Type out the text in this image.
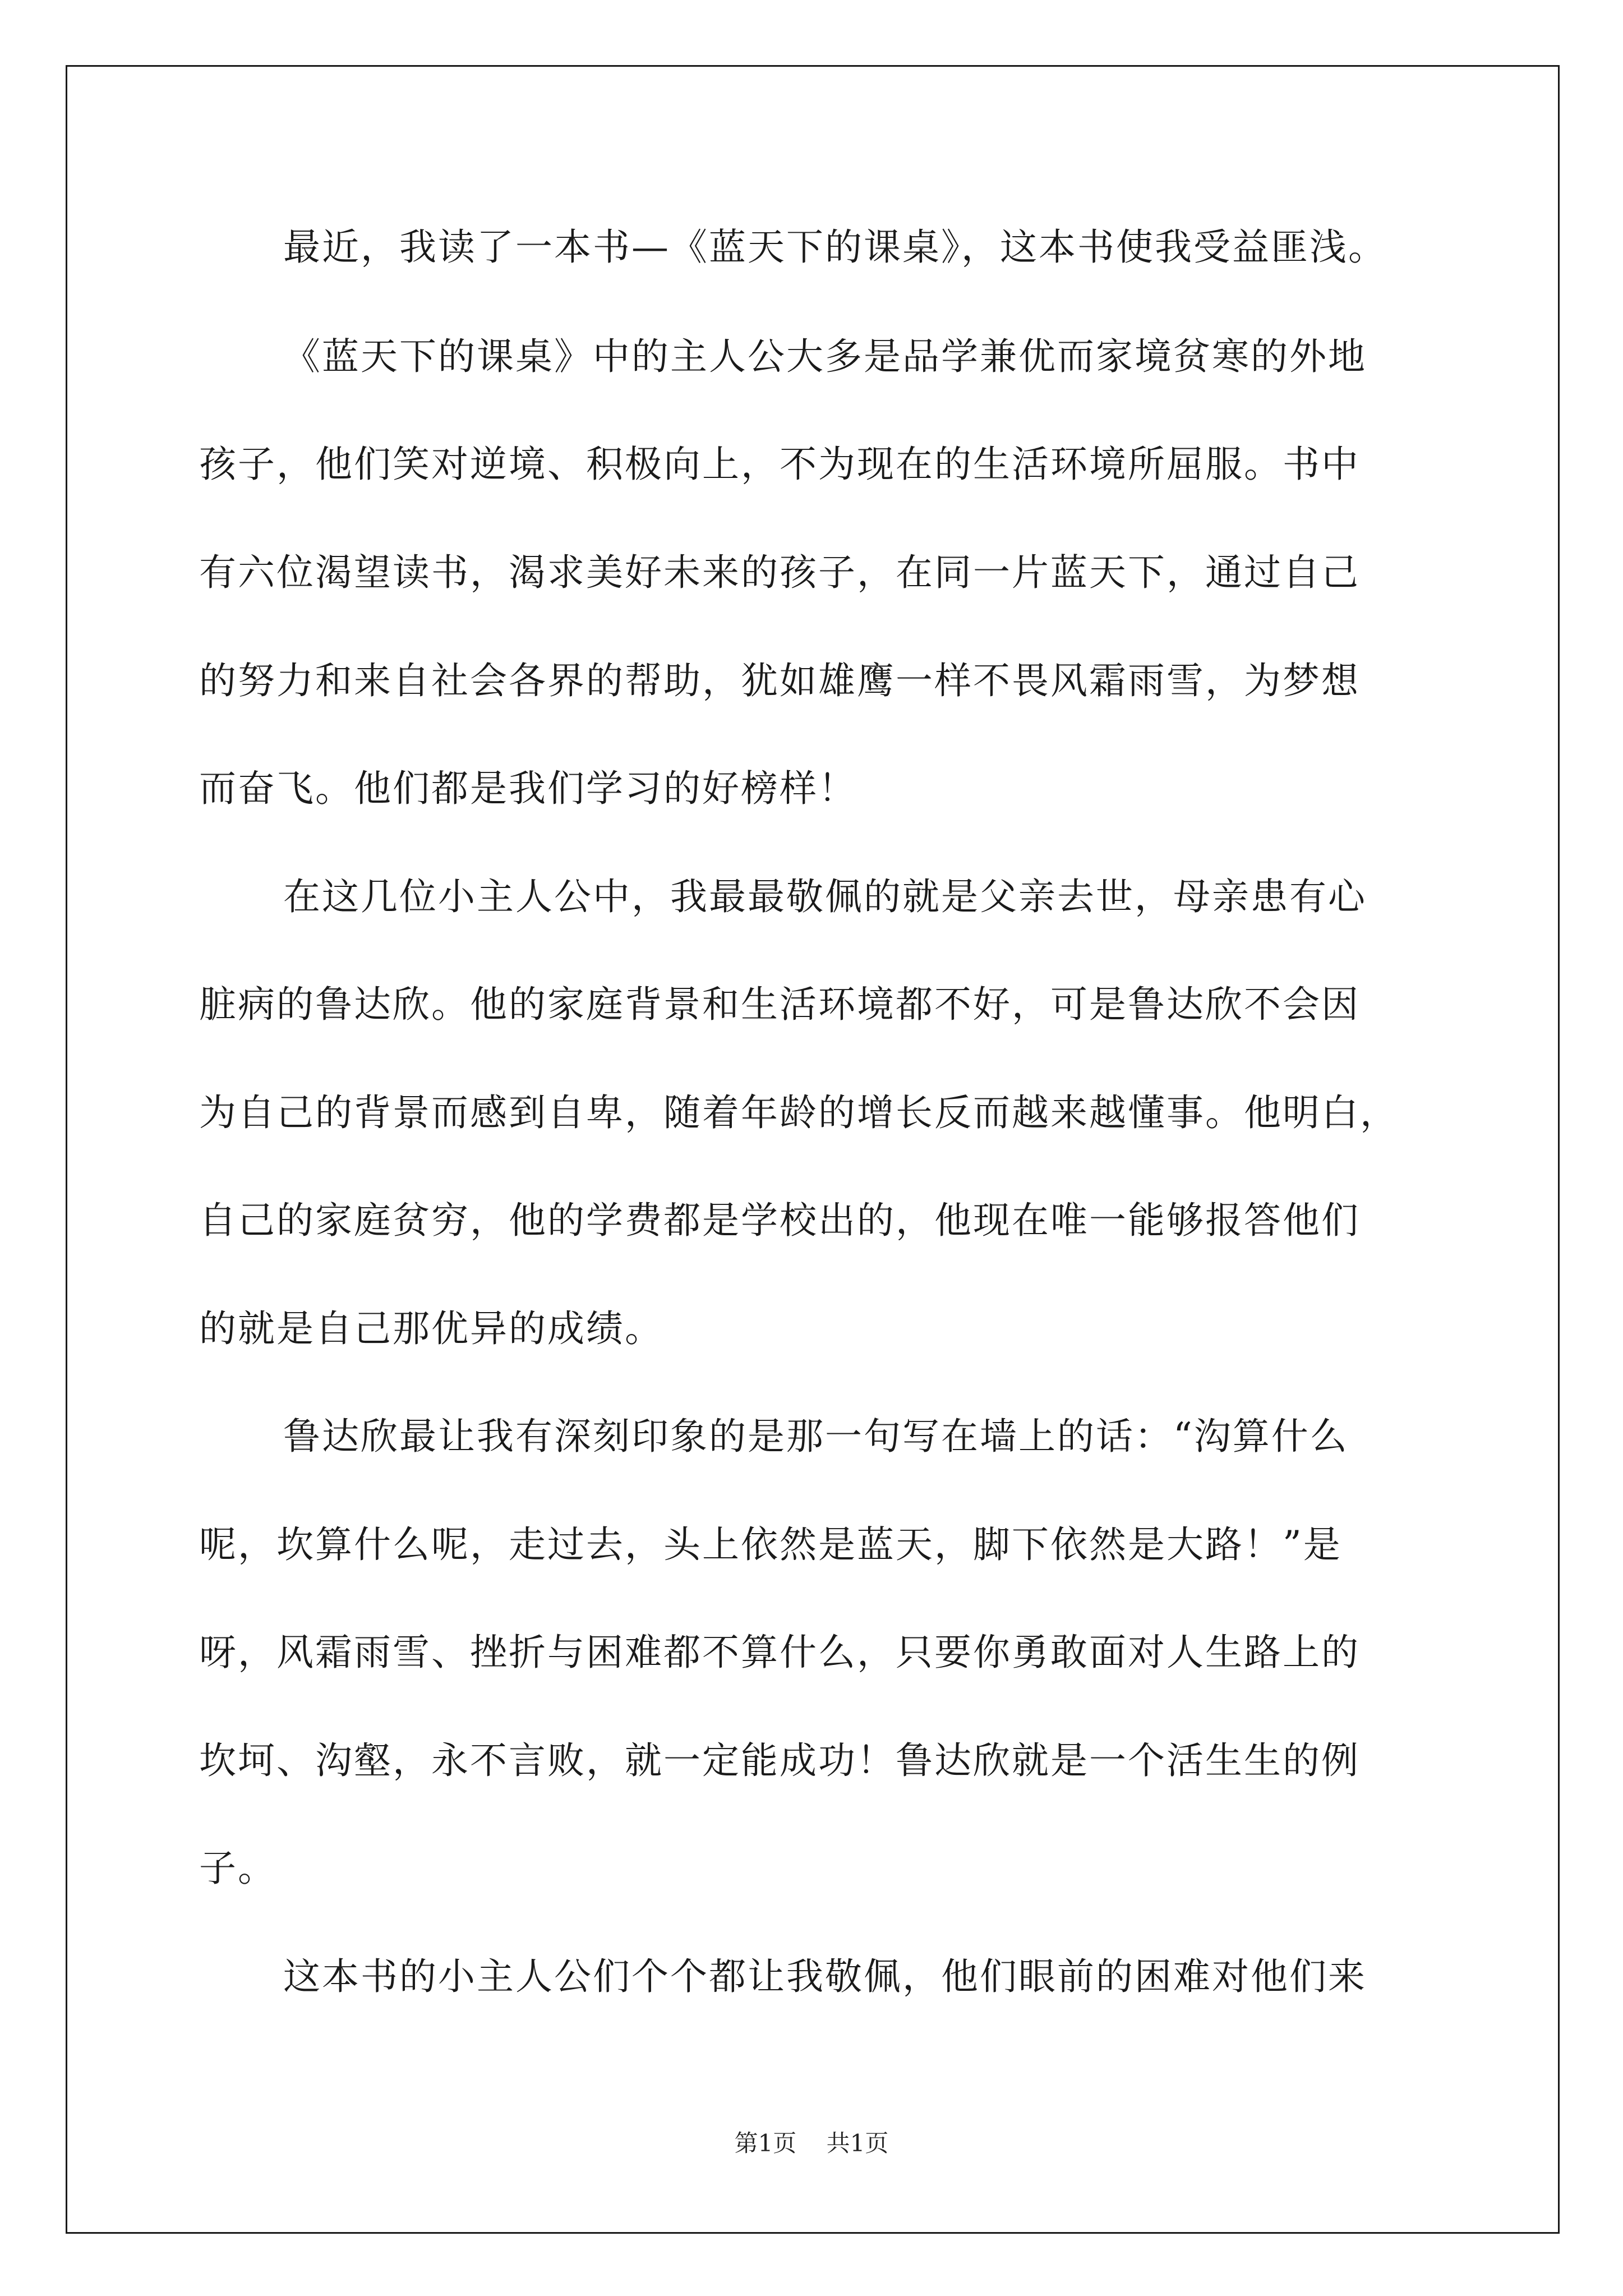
最近，我读了一本书—《蓝天下的课桌》，这本书使我受益匪浅。
《蓝天下的课桌》中的主人公大多是品学兼优而家境贫寒的外地
孩子，他们笑对逆境、积极向上，不为现在的生活环境所屈服。书中
有六位渴望读书，渴求美好未来的孩子，在同一片蓝天下，通过自己
的努力和来自社会各界的帮助，犹如雄鹰一样不畏风霜雨雪，为梦想
而奋飞。他们都是我们学习的好榜样！
在这几位小主人公中，我最最敬佩的就是父亲去世，母亲患有心
脏病的鲁达欣。他的家庭背景和生活环境都不好，可是鲁达欣不会因
为自己的背景而感到自卑，随着年龄的增长反而越来越懂事。他明白，
自己的家庭贫穷，他的学费都是学校出的，他现在唯一能够报答他们
的就是自己那优异的成绩。
鲁达欣最让我有深刻印象的是那一句写在墙上的话：“沟算什么
呢，坎算什么呢，走过去，头上依然是蓝天，脚下依然是大路！”是
呀，风霜雨雪、挫折与困难都不算什么，只要你勇敢面对人生路上的
坎坷、沟壑，永不言败，就一定能成功！鲁达欣就是一个活生生的例
子。
这本书的小主人公们个个都让我敬佩，他们眼前的困难对他们来
第1页    共1页
